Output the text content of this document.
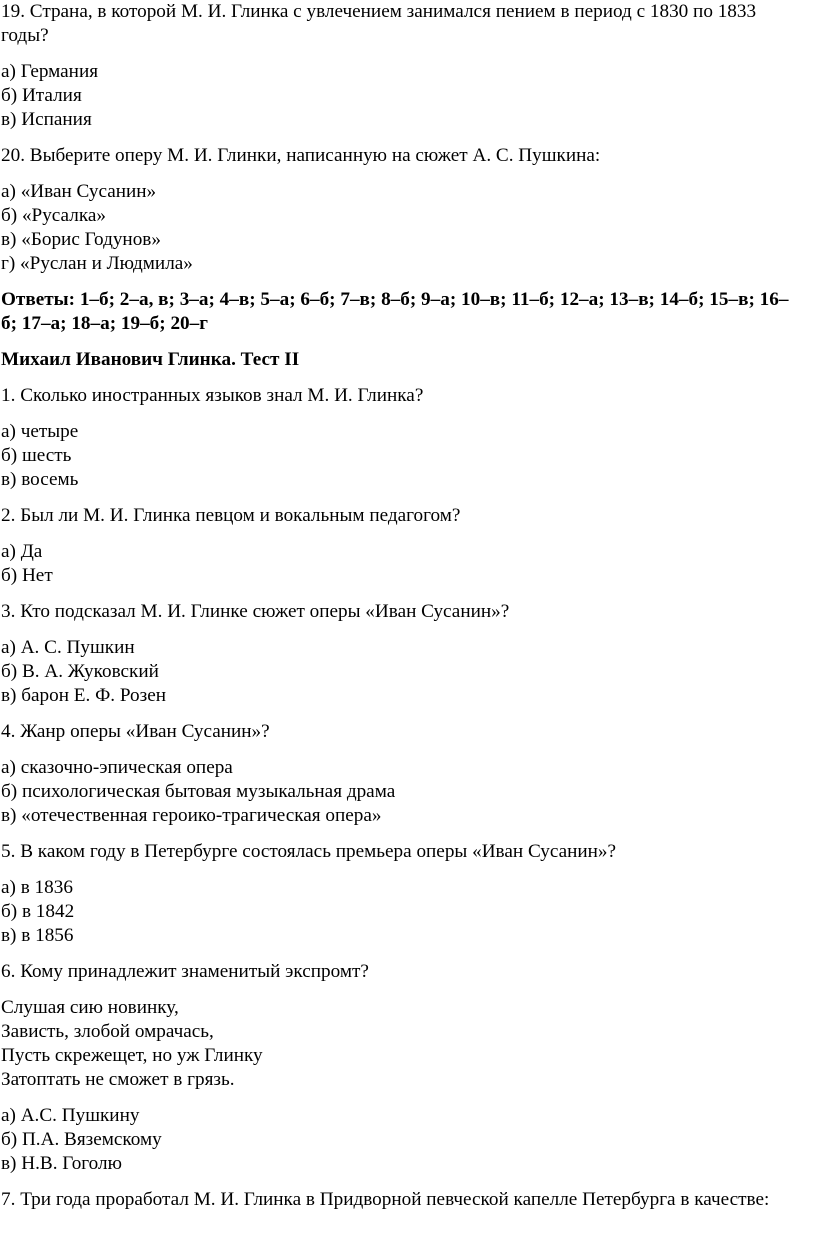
19. Страна, в которой М. И. Глинка с увлечением занимался пением в период с 1830 по 1833 годы?
а) Германия
б) Италия
в) Испания
20. Выберите оперу М. И. Глинки, написанную на сюжет А. С. Пушкина:
а) «Иван Сусанин»
б) «Русалка»
в) «Борис Годунов»
г) «Руслан и Людмила»
Ответы: 1–б; 2–а, в; 3–а; 4–в; 5–а; 6–б; 7–в; 8–б; 9–а; 10–в; 11–б; 12–а; 13–в; 14–б; 15–в; 16–б; 17–а; 18–а; 19–б; 20–г
Михаил Иванович Глинка. Тест II
1. Сколько иностранных языков знал М. И. Глинка?
а) четыре
б) шесть
в) восемь
2. Был ли М. И. Глинка певцом и вокальным педагогом?
а) Да
б) Нет
3. Кто подсказал М. И. Глинке сюжет оперы «Иван Сусанин»?
а) А. С. Пушкин
б) В. А. Жуковский
в) барон Е. Ф. Розен
4. Жанр оперы «Иван Сусанин»?
а) сказочно-эпическая опера
б) психологическая бытовая музыкальная драма
в) «отечественная героико-трагическая опера»
5. В каком году в Петербурге состоялась премьера оперы «Иван Сусанин»?
а) в 1836
б) в 1842
в) в 1856
6. Кому принадлежит знаменитый экспромт?
Слушая сию новинку,
Зависть, злобой омрачась,
Пусть скрежещет, но уж Глинку
Затоптать не сможет в грязь.
а) А.С. Пушкину
б) П.А. Вяземскому
в) Н.В. Гоголю
7. Три года проработал М. И. Глинка в Придворной певческой капелле Петербурга в качестве:
